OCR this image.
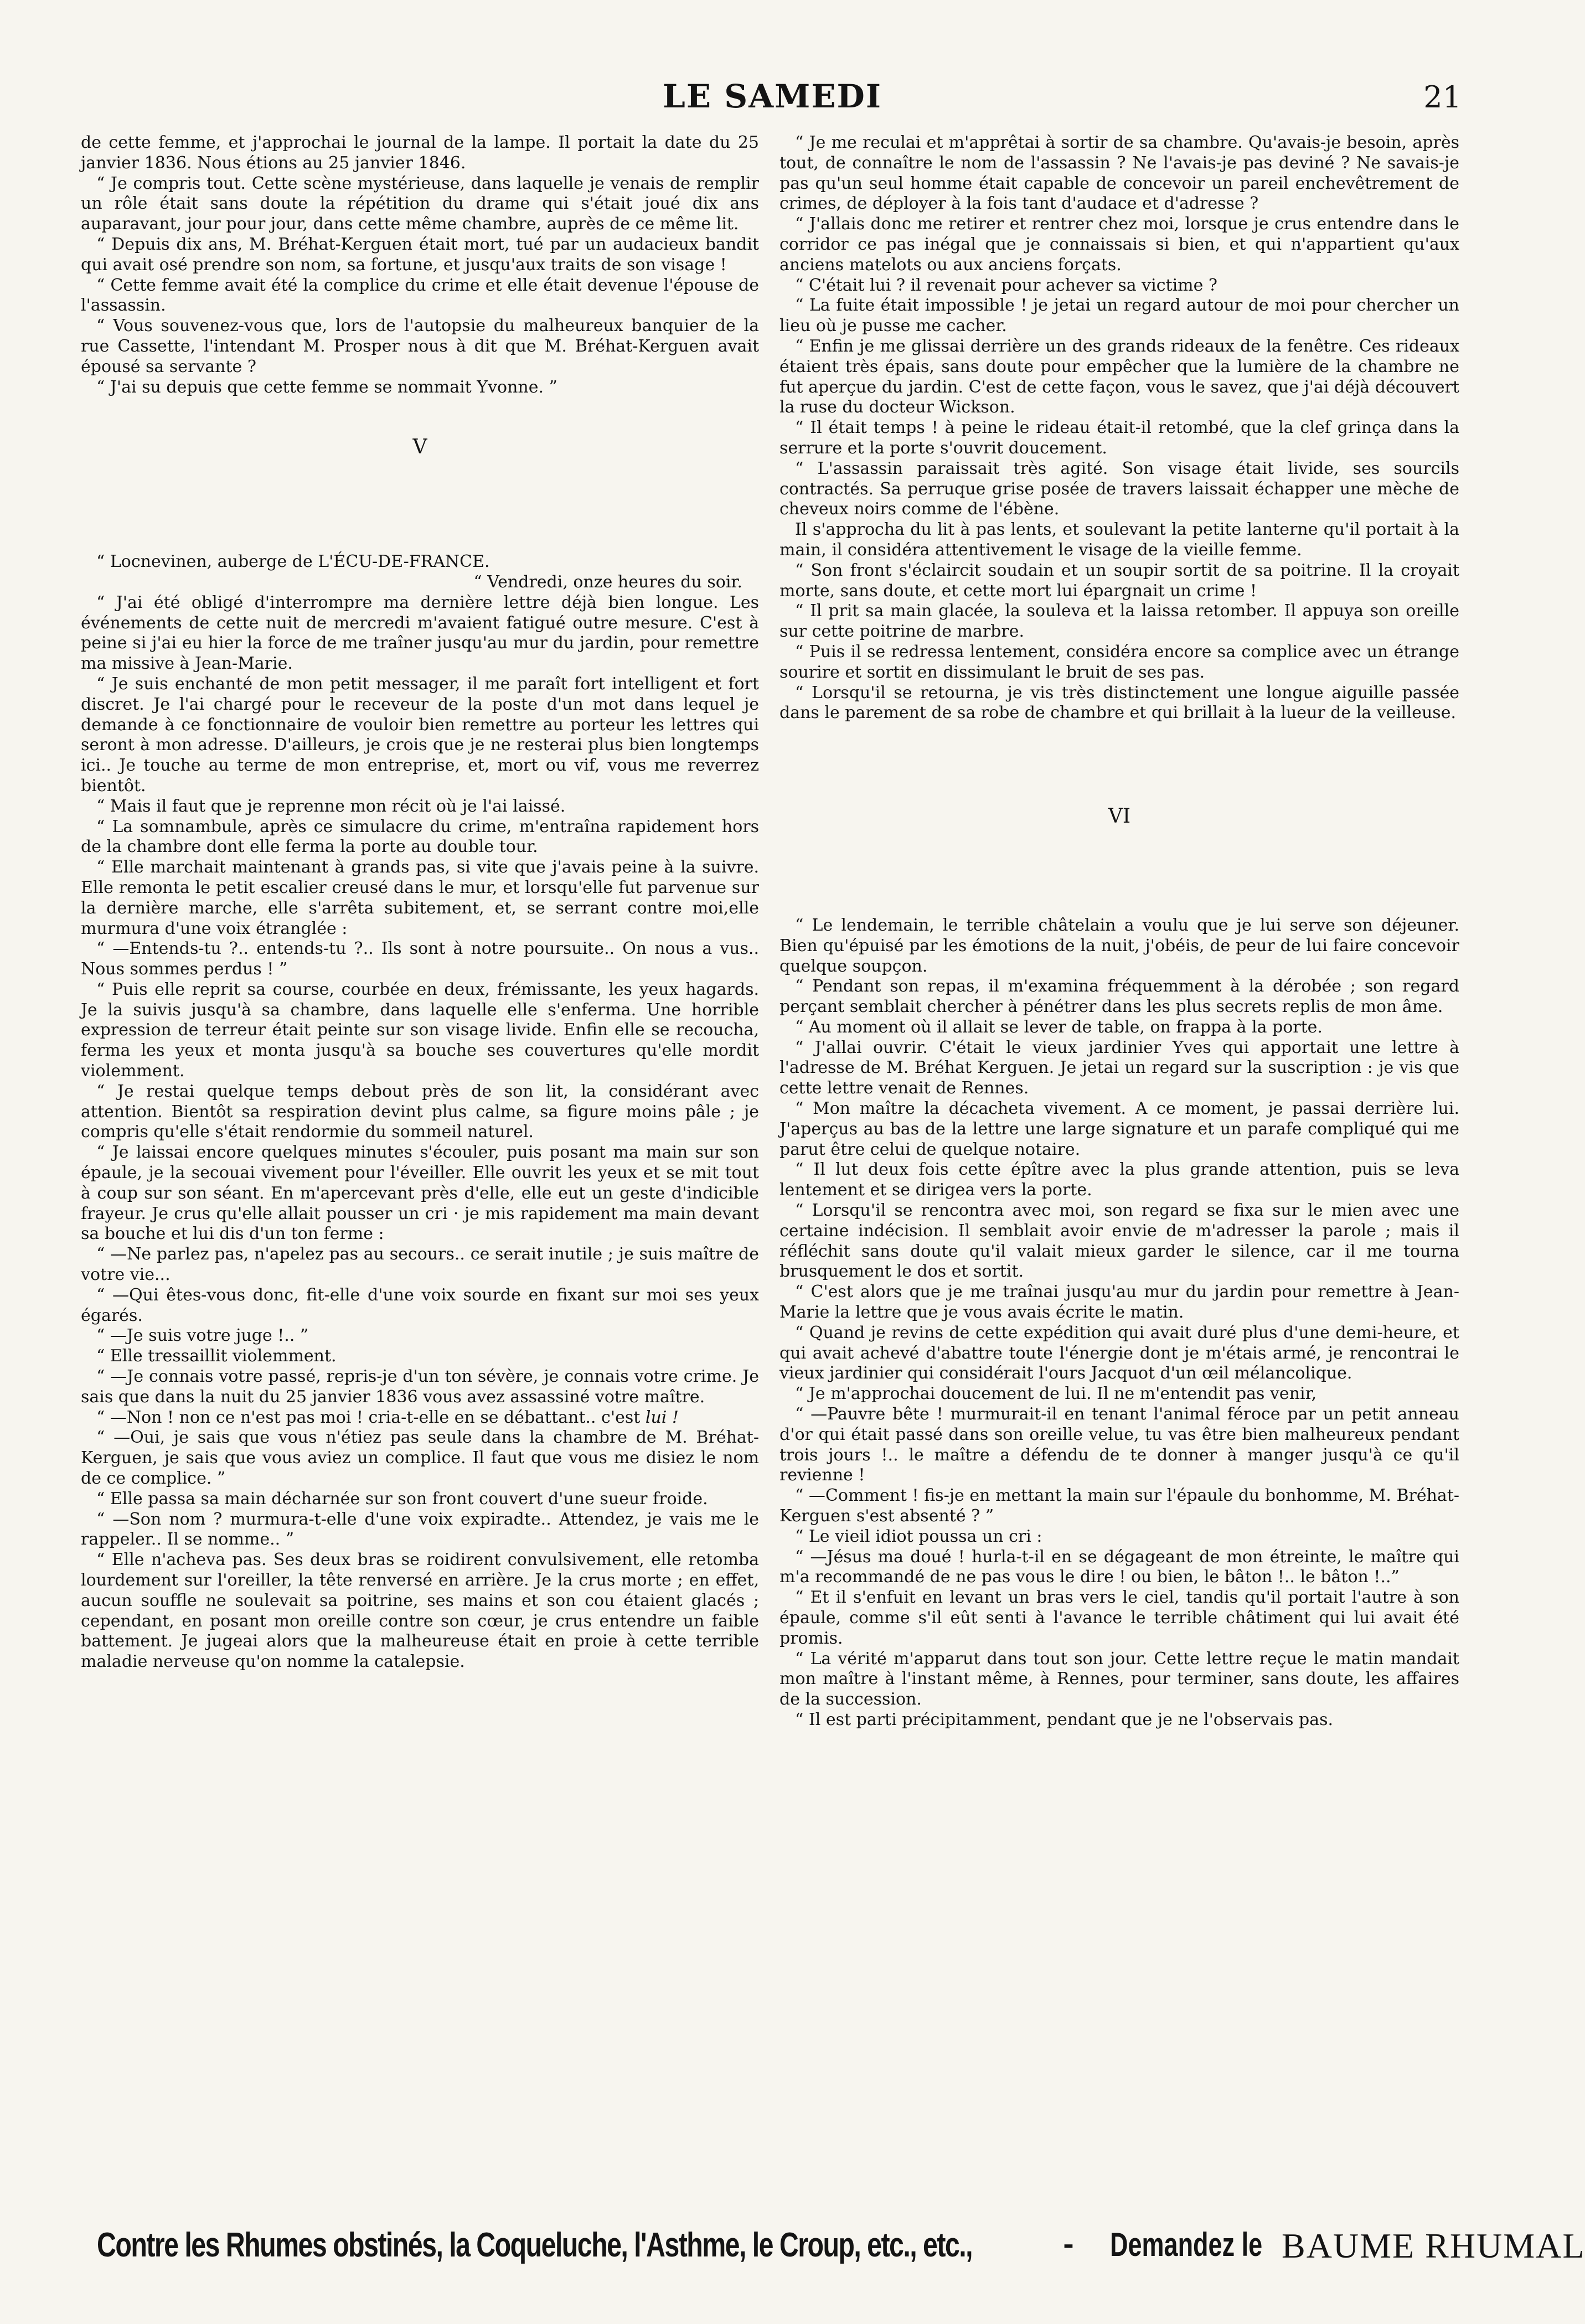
LE SAMEDI	21

de cette femme, et j'approchai le journal de la lampe. Il portait la date du 25 janvier 1836. Nous étions au 25 janvier 1846.

“ Je compris tout. Cette scène mystérieuse, dans laquelle je venais de remplir un rôle était sans doute la répétition du drame qui s'était joué dix ans auparavant, jour pour jour, dans cette même chambre, auprès de ce même lit.

“ Depuis dix ans, M. Bréhat-Kerguen était mort, tué par un audacieux bandit qui avait osé prendre son nom, sa fortune, et jusqu'aux traits de son visage !

“ Cette femme avait été la complice du crime et elle était devenue l'épouse de l'assassin.

“ Vous souvenez-vous que, lors de l'autopsie du malheureux banquier de la rue Cassette, l'intendant M. Prosper nous à dit que M. Bréhat-Kerguen avait épousé sa servante ?

“ J'ai su depuis que cette femme se nommait Yvonne. ”

V

“ Locnevinen, auberge de L'ÉCU-DE-FRANCE.

“ Vendredi, onze heures du soir.

“ J'ai été obligé d'interrompre ma dernière lettre déjà bien longue. Les événements de cette nuit de mercredi m'avaient fatigué outre mesure. C'est à peine si j'ai eu hier la force de me traîner jusqu'au mur du jardin, pour remettre ma missive à Jean-Marie.

“ Je suis enchanté de mon petit messager, il me paraît fort intelligent et fort discret. Je l'ai chargé pour le receveur de la poste d'un mot dans lequel je demande à ce fonctionnaire de vouloir bien remettre au porteur les lettres qui seront à mon adresse. D'ailleurs, je crois que je ne resterai plus bien longtemps ici.. Je touche au terme de mon entreprise, et, mort ou vif, vous me reverrez bientôt.

“ Mais il faut que je reprenne mon récit où je l'ai laissé.

“ La somnambule, après ce simulacre du crime, m'entraîna rapidement hors de la chambre dont elle ferma la porte au double tour.

“ Elle marchait maintenant à grands pas, si vite que j'avais peine à la suivre. Elle remonta le petit escalier creusé dans le mur, et lorsqu'elle fut parvenue sur la dernière marche, elle s'arrêta subitement, et, se serrant contre moi,elle murmura d'une voix étranglée :

“ —Entends-tu ?.. entends-tu ?.. Ils sont à notre poursuite.. On nous a vus.. Nous sommes perdus ! ”

“ Puis elle reprit sa course, courbée en deux, frémissante, les yeux hagards. Je la suivis jusqu'à sa chambre, dans laquelle elle s'enferma. Une horrible expression de terreur était peinte sur son visage livide. Enfin elle se recoucha, ferma les yeux et monta jusqu'à sa bouche ses couvertures qu'elle mordit violemment.

“ Je restai quelque temps debout près de son lit, la considérant avec attention. Bientôt sa respiration devint plus calme, sa figure moins pâle ; je compris qu'elle s'était rendormie du sommeil naturel.

“ Je laissai encore quelques minutes s'écouler, puis posant ma main sur son épaule, je la secouai vivement pour l'éveiller. Elle ouvrit les yeux et se mit tout à coup sur son séant. En m'apercevant près d'elle, elle eut un geste d'indicible frayeur. Je crus qu'elle allait pousser un cri · je mis rapidement ma main devant sa bouche et lui dis d'un ton ferme :

“ —Ne parlez pas, n'apelez pas au secours.. ce serait inutile ; je suis maître de votre vie...

“ —Qui êtes-vous donc, fit-elle d'une voix sourde en fixant sur moi ses yeux égarés.

“ —Je suis votre juge !.. ”

“ Elle tressaillit violemment.

“ —Je connais votre passé, repris-je d'un ton sévère, je connais votre crime. Je sais que dans la nuit du 25 janvier 1836 vous avez assassiné votre maître.

“ —Non ! non ce n'est pas moi ! cria-t-elle en se débattant.. c'est lui !

“ —Oui, je sais que vous n'étiez pas seule dans la chambre de M. Bréhat-Kerguen, je sais que vous aviez un complice. Il faut que vous me disiez le nom de ce complice. ”

“ Elle passa sa main décharnée sur son front couvert d'une sueur froide.

“ —Son nom ? murmura-t-elle d'une voix expiradte.. Attendez, je vais me le rappeler.. Il se nomme.. ”

“ Elle n'acheva pas. Ses deux bras se roidirent convulsivement, elle retomba lourdement sur l'oreiller, la tête renversé en arrière. Je la crus morte ; en effet, aucun souffle ne soulevait sa poitrine, ses mains et son cou étaient glacés ; cependant, en posant mon oreille contre son cœur, je crus entendre un faible battement. Je jugeai alors que la malheureuse était en proie à cette terrible maladie nerveuse qu'on nomme la catalepsie.

“ Je me reculai et m'apprêtai à sortir de sa chambre. Qu'avais-je besoin, après tout, de connaître le nom de l'assassin ? Ne l'avais-je pas deviné ? Ne savais-je pas qu'un seul homme était capable de concevoir un pareil enchevêtrement de crimes, de déployer à la fois tant d'audace et d'adresse ?

“ J'allais donc me retirer et rentrer chez moi, lorsque je crus entendre dans le corridor ce pas inégal que je connaissais si bien, et qui n'appartient qu'aux anciens matelots ou aux anciens forçats.

“ C'était lui ? il revenait pour achever sa victime ?

“ La fuite était impossible ! je jetai un regard autour de moi pour chercher un lieu où je pusse me cacher.

“ Enfin je me glissai derrière un des grands rideaux de la fenêtre. Ces rideaux étaient très épais, sans doute pour empêcher que la lumière de la chambre ne fut aperçue du jardin. C'est de cette façon, vous le savez, que j'ai déjà découvert la ruse du docteur Wickson.

“ Il était temps ! à peine le rideau était-il retombé, que la clef grinça dans la serrure et la porte s'ouvrit doucement.

“ L'assassin paraissait très agité. Son visage était livide, ses sourcils contractés. Sa perruque grise posée de travers laissait échapper une mèche de cheveux noirs comme de l'ébène.

Il s'approcha du lit à pas lents, et soulevant la petite lanterne qu'il portait à la main, il considéra attentivement le visage de la vieille femme.

“ Son front s'éclaircit soudain et un soupir sortit de sa poitrine. Il la croyait morte, sans doute, et cette mort lui épargnait un crime !

“ Il prit sa main glacée, la souleva et la laissa retomber. Il appuya son oreille sur cette poitrine de marbre.

“ Puis il se redressa lentement, considéra encore sa complice avec un étrange sourire et sortit en dissimulant le bruit de ses pas.

“ Lorsqu'il se retourna, je vis très distinctement une longue aiguille passée dans le parement de sa robe de chambre et qui brillait à la lueur de la veilleuse.

VI

“ Le lendemain, le terrible châtelain a voulu que je lui serve son déjeuner. Bien qu'épuisé par les émotions de la nuit, j'obéis, de peur de lui faire concevoir quelque soupçon.

“ Pendant son repas, il m'examina fréquemment à la dérobée ; son regard perçant semblait chercher à pénétrer dans les plus secrets replis de mon âme.

“ Au moment où il allait se lever de table, on frappa à la porte.

“ J'allai ouvrir. C'était le vieux jardinier Yves qui apportait une lettre à l'adresse de M. Bréhat Kerguen. Je jetai un regard sur la suscription : je vis que cette lettre venait de Rennes.

“ Mon maître la décacheta vivement. A ce moment, je passai derrière lui. J'aperçus au bas de la lettre une large signature et un parafe compliqué qui me parut être celui de quelque notaire.

“ Il lut deux fois cette épître avec la plus grande attention, puis se leva lentement et se dirigea vers la porte.

“ Lorsqu'il se rencontra avec moi, son regard se fixa sur le mien avec une certaine indécision. Il semblait avoir envie de m'adresser la parole ; mais il réfléchit sans doute qu'il valait mieux garder le silence, car il me tourna brusquement le dos et sortit.

“ C'est alors que je me traînai jusqu'au mur du jardin pour remettre à Jean-Marie la lettre que je vous avais écrite le matin.

“ Quand je revins de cette expédition qui avait duré plus d'une demi-heure, et qui avait achevé d'abattre toute l'énergie dont je m'étais armé, je rencontrai le vieux jardinier qui considérait l'ours Jacquot d'un œil mélancolique.

“ Je m'approchai doucement de lui. Il ne m'entendit pas venir,

“ —Pauvre bête ! murmurait-il en tenant l'animal féroce par un petit anneau d'or qui était passé dans son oreille velue, tu vas être bien malheureux pendant trois jours !.. le maître a défendu de te donner à manger jusqu'à ce qu'il revienne !

“ —Comment ! fis-je en mettant la main sur l'épaule du bonhomme, M. Bréhat-Kerguen s'est absenté ? ”

“ Le vieil idiot poussa un cri :

“ —Jésus ma doué ! hurla-t-il en se dégageant de mon étreinte, le maître qui m'a recommandé de ne pas vous le dire ! ou bien, le bâton !.. le bâton !..”

“ Et il s'enfuit en levant un bras vers le ciel, tandis qu'il portait l'autre à son épaule, comme s'il eût senti à l'avance le terrible châtiment qui lui avait été promis.

“ La vérité m'apparut dans tout son jour. Cette lettre reçue le matin mandait mon maître à l'instant même, à Rennes, pour terminer, sans doute, les affaires de la succession.

“ Il est parti précipitamment, pendant que je ne l'observais pas.

Contre les Rhumes obstinés, la Coqueluche, l'Asthme, le Croup, etc., etc.,	- Demandez le BAUME RHUMAL
